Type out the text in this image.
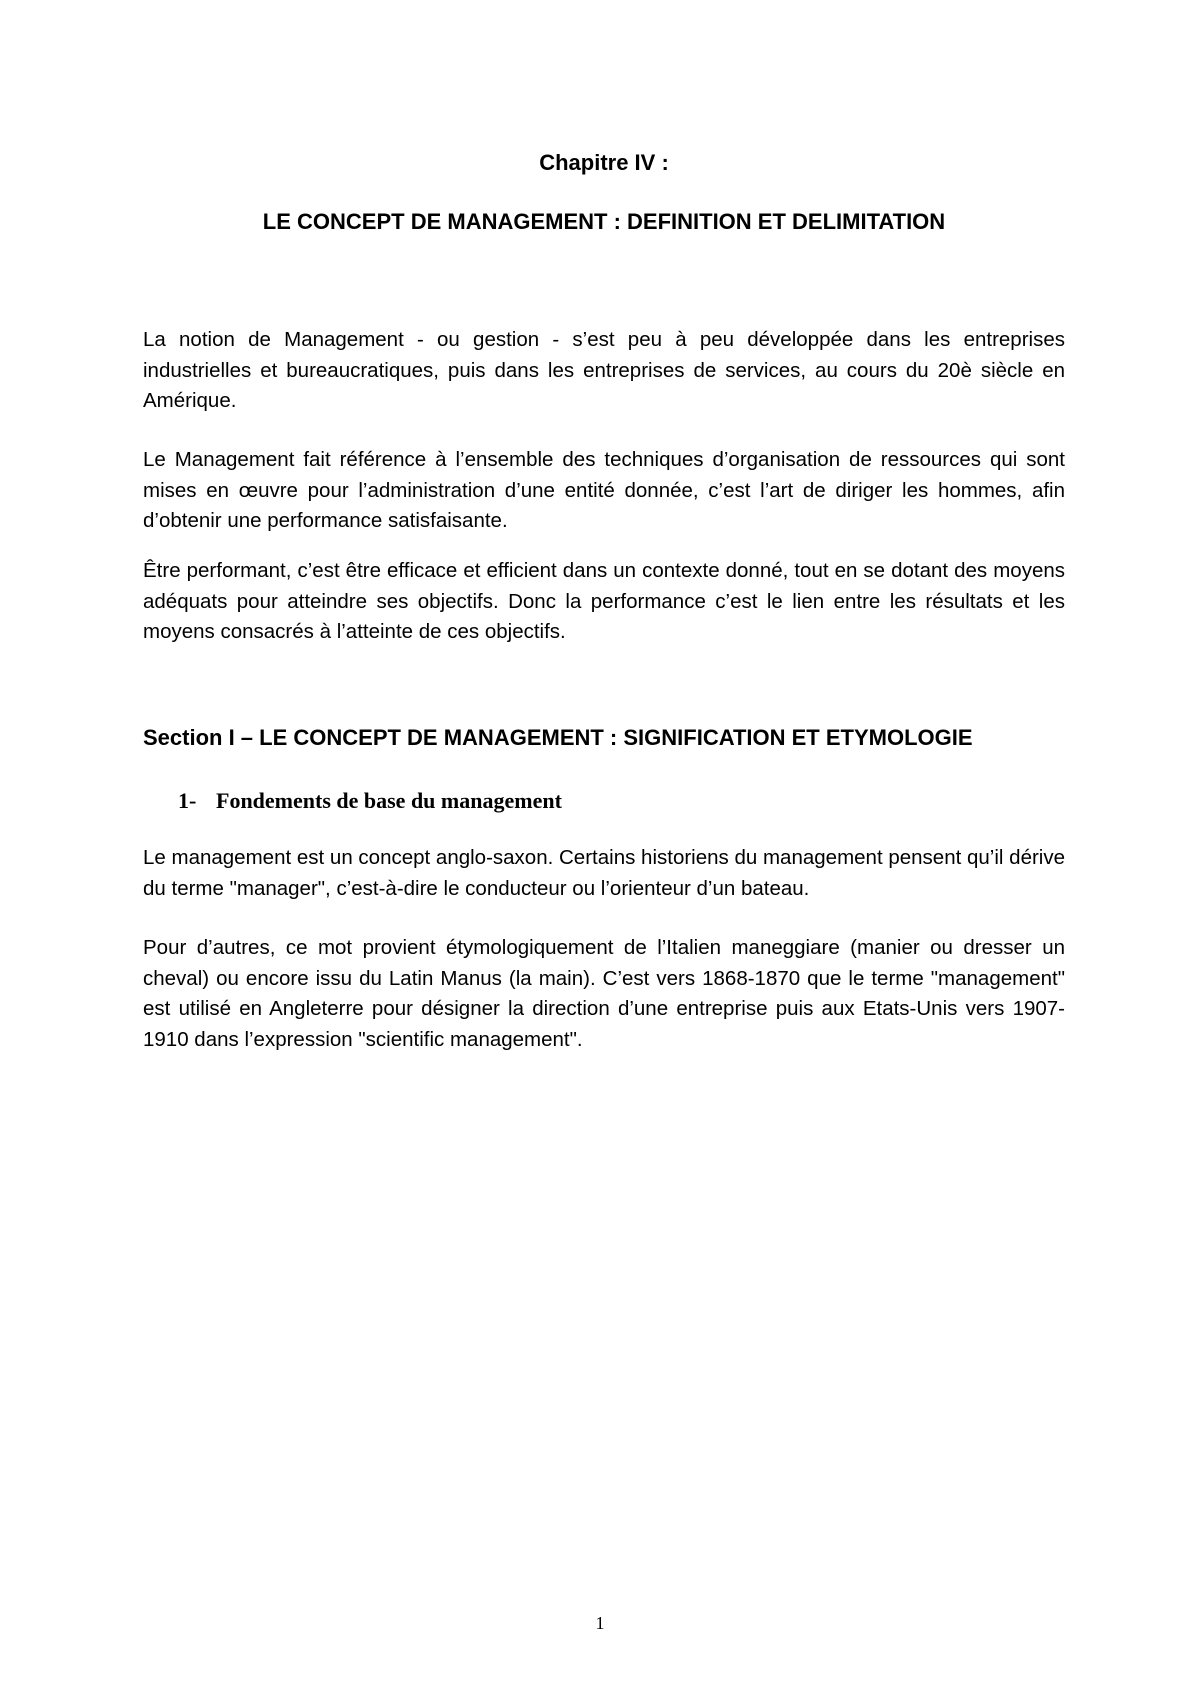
Chapitre IV :
LE CONCEPT DE MANAGEMENT : DEFINITION ET DELIMITATION

La notion de Management - ou gestion - s’est peu à peu développée dans les entreprises industrielles et bureaucratiques, puis dans les entreprises de services, au cours du 20è siècle en Amérique.

Le Management fait référence à l’ensemble des techniques d’organisation de ressources qui sont mises en œuvre pour l’administration d’une entité donnée, c’est l’art de diriger les hommes, afin d’obtenir une performance satisfaisante.

Être performant, c’est être efficace et efficient dans un contexte donné, tout en se dotant des moyens adéquats pour atteindre ses objectifs. Donc la performance c’est le lien entre les résultats et les moyens consacrés à l’atteinte de ces objectifs.

Section I – LE CONCEPT DE MANAGEMENT : SIGNIFICATION ET ETYMOLOGIE
1- Fondements de base du management

Le management est un concept anglo-saxon. Certains historiens du management pensent qu’il dérive du terme "manager", c’est-à-dire le conducteur ou l’orienteur d’un bateau.

Pour d’autres, ce mot provient étymologiquement de l’Italien maneggiare (manier ou dresser un cheval) ou encore issu du Latin Manus (la main). C’est vers 1868-1870 que le terme "management" est utilisé en Angleterre pour désigner la direction d’une entreprise puis aux Etats-Unis vers 1907-1910 dans l’expression "scientific management".

1
